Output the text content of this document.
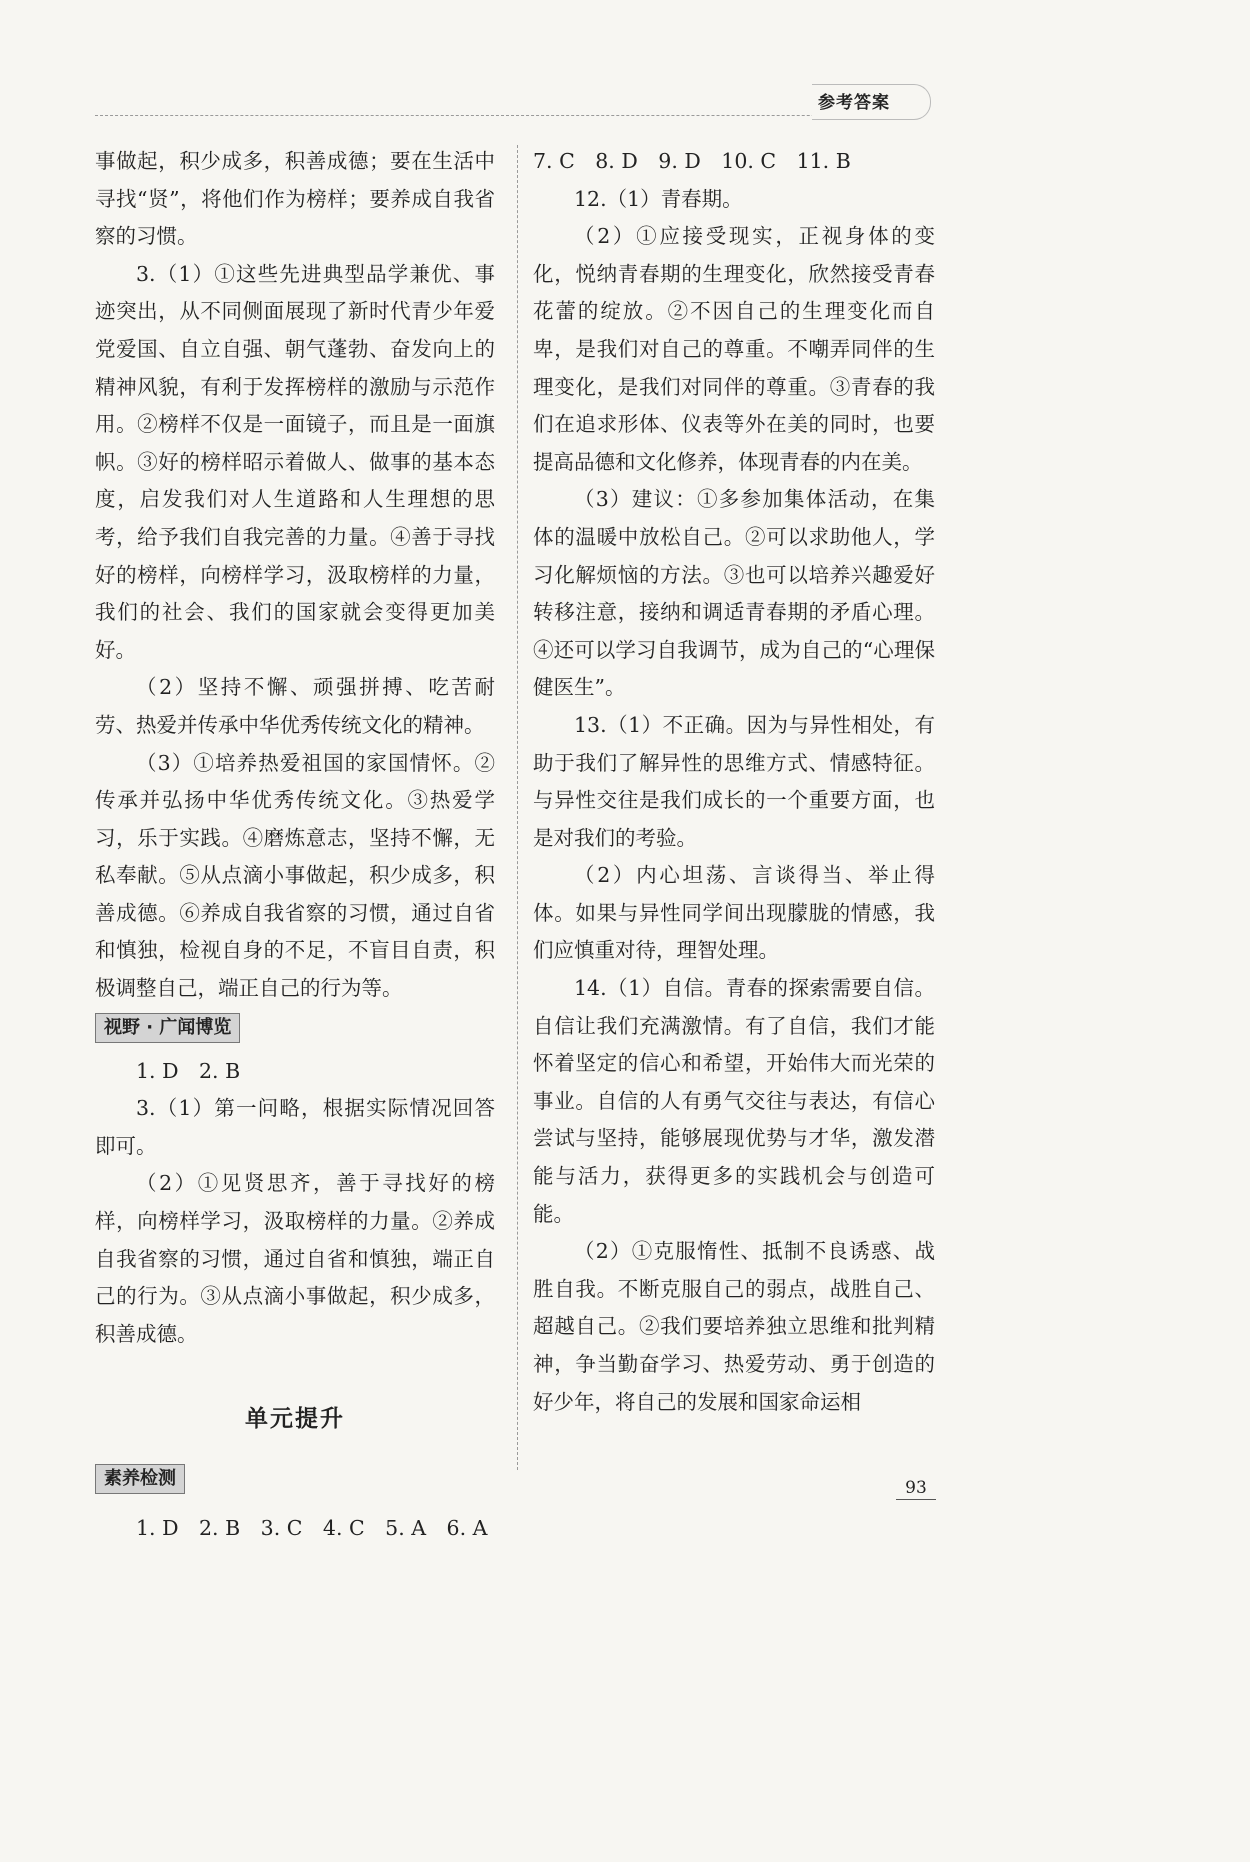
参考答案

事做起，积少成多，积善成德；要在生活中寻找“贤”，将他们作为榜样；要养成自我省察的习惯。

3.（1）①这些先进典型品学兼优、事迹突出，从不同侧面展现了新时代青少年爱党爱国、自立自强、朝气蓬勃、奋发向上的精神风貌，有利于发挥榜样的激励与示范作用。②榜样不仅是一面镜子，而且是一面旗帜。③好的榜样昭示着做人、做事的基本态度，启发我们对人生道路和人生理想的思考，给予我们自我完善的力量。④善于寻找好的榜样，向榜样学习，汲取榜样的力量，我们的社会、我们的国家就会变得更加美好。

（2）坚持不懈、顽强拼搏、吃苦耐劳、热爱并传承中华优秀传统文化的精神。

（3）①培养热爱祖国的家国情怀。②传承并弘扬中华优秀传统文化。③热爱学习，乐于实践。④磨炼意志，坚持不懈，无私奉献。⑤从点滴小事做起，积少成多，积善成德。⑥养成自我省察的习惯，通过自省和慎独，检视自身的不足，不盲目自责，积极调整自己，端正自己的行为等。

视野 · 广闻博览

1. D　2. B

3.（1）第一问略，根据实际情况回答即可。

（2）①见贤思齐，善于寻找好的榜样，向榜样学习，汲取榜样的力量。②养成自我省察的习惯，通过自省和慎独，端正自己的行为。③从点滴小事做起，积少成多，积善成德。

单元提升
素养检测

1. D　2. B　3. C　4. C　5. A　6. A

7. C　8. D　9. D　10. C　11. B

12.（1）青春期。

（2）①应接受现实，正视身体的变化，悦纳青春期的生理变化，欣然接受青春花蕾的绽放。②不因自己的生理变化而自卑，是我们对自己的尊重。不嘲弄同伴的生理变化，是我们对同伴的尊重。③青春的我们在追求形体、仪表等外在美的同时，也要提高品德和文化修养，体现青春的内在美。

（3）建议：①多参加集体活动，在集体的温暖中放松自己。②可以求助他人，学习化解烦恼的方法。③也可以培养兴趣爱好转移注意，接纳和调适青春期的矛盾心理。④还可以学习自我调节，成为自己的“心理保健医生”。

13.（1）不正确。因为与异性相处，有助于我们了解异性的思维方式、情感特征。与异性交往是我们成长的一个重要方面，也是对我们的考验。

（2）内心坦荡、言谈得当、举止得体。如果与异性同学间出现朦胧的情感，我们应慎重对待，理智处理。

14.（1）自信。青春的探索需要自信。自信让我们充满激情。有了自信，我们才能怀着坚定的信心和希望，开始伟大而光荣的事业。自信的人有勇气交往与表达，有信心尝试与坚持，能够展现优势与才华，激发潜能与活力，获得更多的实践机会与创造可能。

（2）①克服惰性、抵制不良诱惑、战胜自我。不断克服自己的弱点，战胜自己、超越自己。②我们要培养独立思维和批判精神，争当勤奋学习、热爱劳动、勇于创造的好少年，将自己的发展和国家命运相

93
